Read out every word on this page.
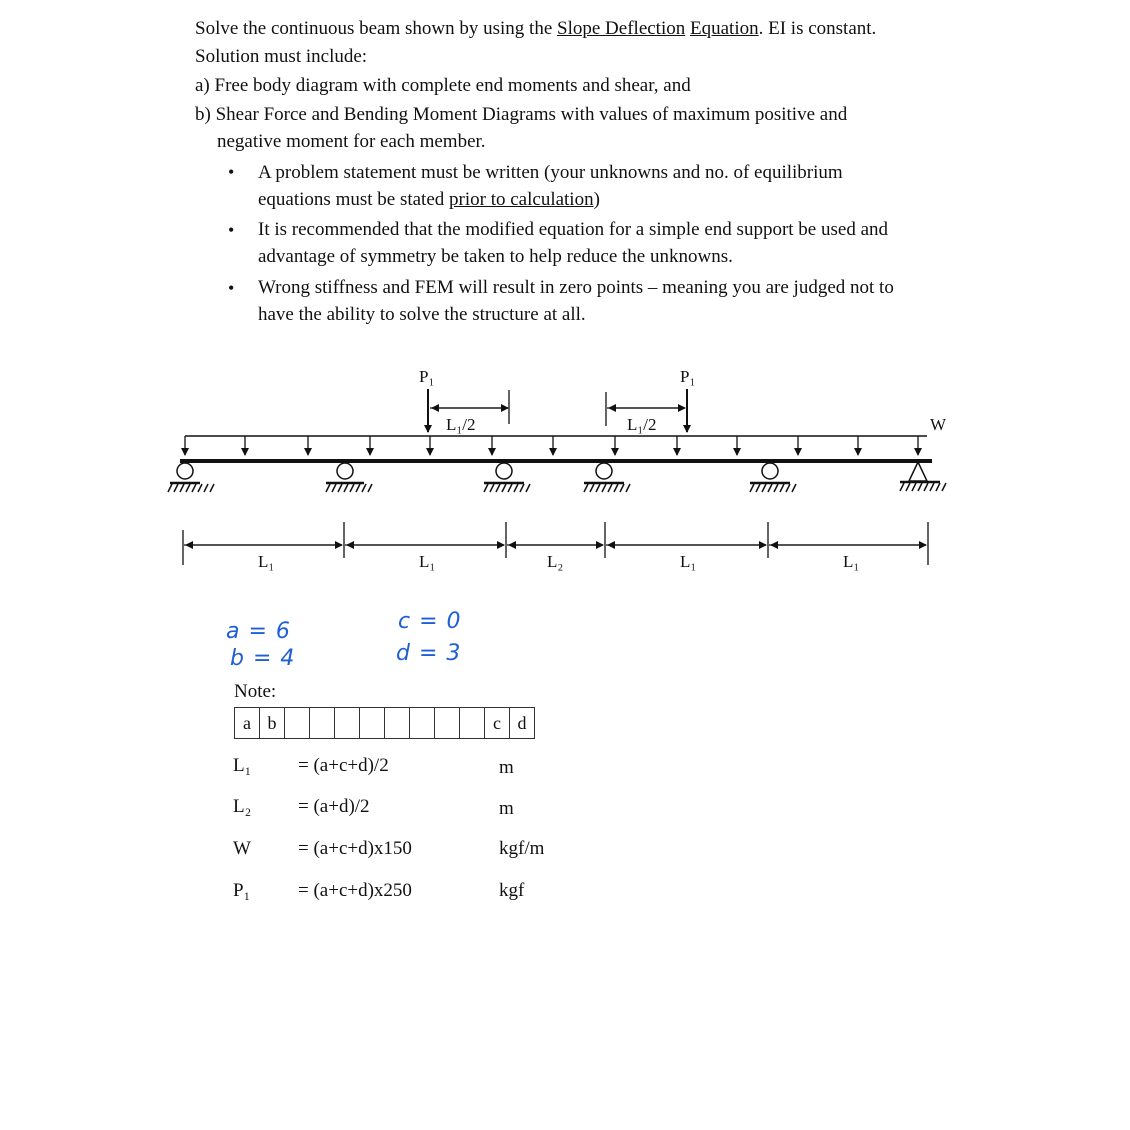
Solve the continuous beam shown by using the Slope Deflection Equation. EI is constant.
Solution must include:
a) Free body diagram with complete end moments and shear, and
b) Shear Force and Bending Moment Diagrams with values of maximum positive and
negative moment for each member.
• A problem statement must be written (your unknowns and no. of equilibrium
equations must be stated prior to calculation)
• It is recommended that the modified equation for a simple end support be used and
advantage of symmetry be taken to help reduce the unknowns.
• Wrong stiffness and FEM will result in zero points – meaning you are judged not to
have the ability to solve the structure at all.
W
P₁	P₁
L₁/2	L₁/2
L₁	L₁	L₂	L₁	L₁
a = 6
b = 4
c = 0
d = 3
Note:
a	b									c	d
L₁ = (a+c+d)/2	m
L₂ = (a+d)/2	m
W = (a+c+d)x150	kgf/m
P₁	= (a+c+d)x250	kgf
